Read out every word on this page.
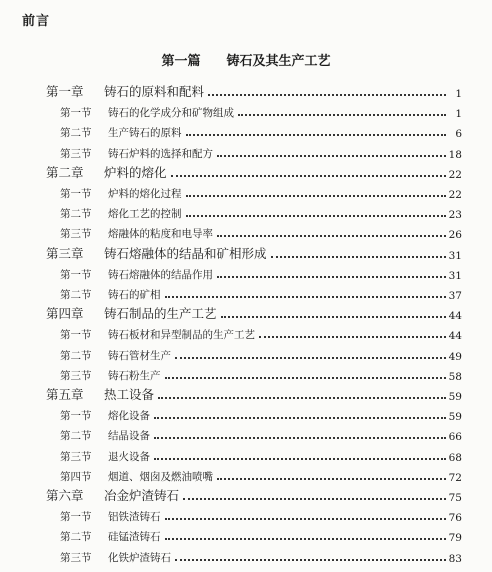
前言
第一篇 铸石及其生产工艺
第一章	铸石的原料和配料	1
第一节	铸石的化学成分和矿物组成	1
第二节	生产铸石的原料	6
第三节	铸石炉料的选择和配方	18
第二章	炉料的熔化	22
第一节	炉料的熔化过程	22
第二节	熔化工艺的控制	23
第三节	熔融体的粘度和电导率	26
第三章	铸石熔融体的结晶和矿相形成	31
第一节	铸石熔融体的结晶作用	31
第二节	铸石的矿相	37
第四章	铸石制品的生产工艺	44
第一节	铸石板材和异型制品的生产工艺	44
第二节	铸石管材生产	49
第三节	铸石粉生产	58
第五章	热工设备	59
第一节	熔化设备	59
第二节	结晶设备	66
第三节	退火设备	68
第四节	烟道、烟囱及燃油喷嘴	72
第六章	冶金炉渣铸石	75
第一节	铝铁渣铸石	76
第二节	硅锰渣铸石	79
第三节	化铁炉渣铸石	83
